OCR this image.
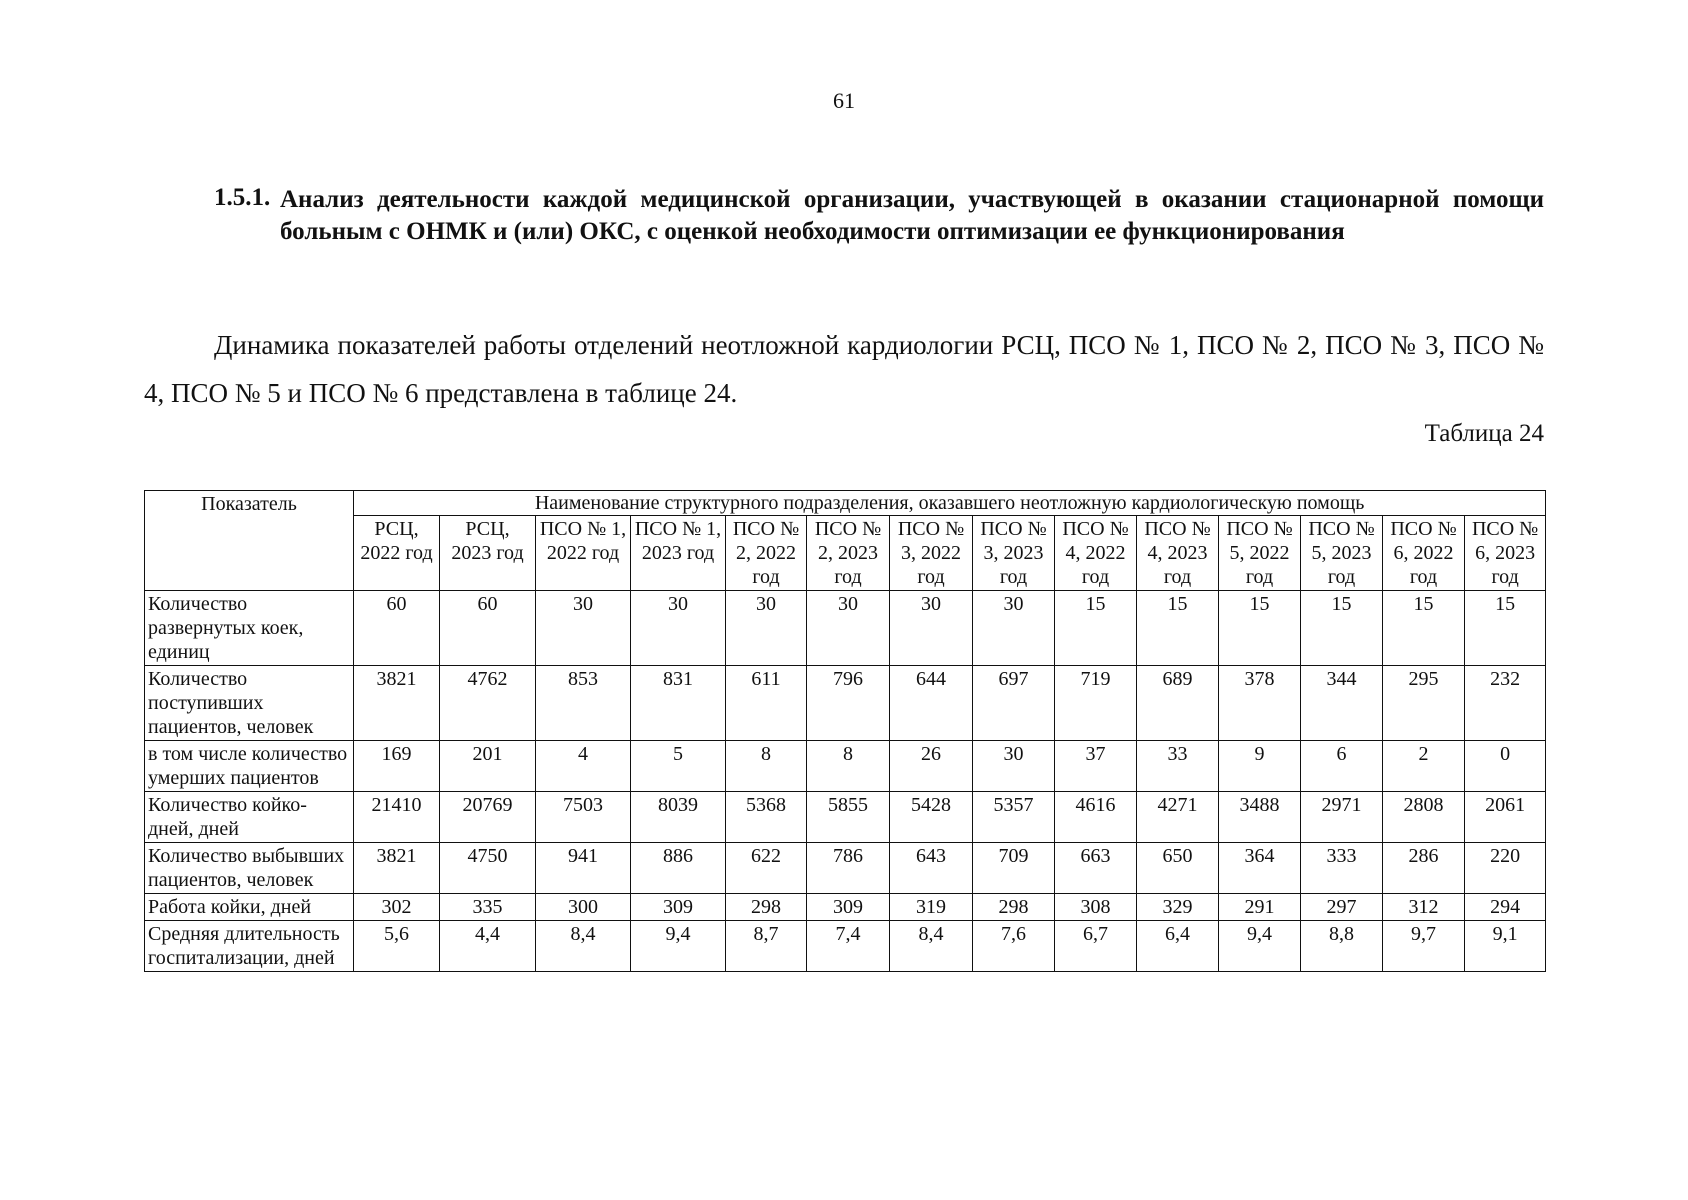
61
1.5.1. Анализ деятельности каждой медицинской организации, участвующей в оказании стационарной помощи больным с ОНМК и (или) ОКС, с оценкой необходимости оптимизации ее функционирования
Динамика показателей работы отделений неотложной кардиологии РСЦ, ПСО № 1, ПСО № 2, ПСО № 3, ПСО № 4, ПСО № 5 и ПСО № 6 представлена в таблице 24.
Таблица 24
Показатель	Наименование структурного подразделения, оказавшего неотложную кардиологическую помощь													
	РСЦ, 2022 год	РСЦ, 2023 год	ПСО № 1, 2022 год	ПСО № 1, 2023 год	ПСО № 2, 2022 год	ПСО № 2, 2023 год	ПСО № 3, 2022 год	ПСО № 3, 2023 год	ПСО № 4, 2022 год	ПСО № 4, 2023 год	ПСО № 5, 2022 год	ПСО № 5, 2023 год	ПСО № 6, 2022 год	ПСО № 6, 2023 год
Количество развернутых коек, единиц	60	60	30	30	30	30	30	30	15	15	15	15	15	15
Количество поступивших пациентов, человек	3821	4762	853	831	611	796	644	697	719	689	378	344	295	232
в том числе количество умерших пациентов	169	201	4	5	8	8	26	30	37	33	9	6	2	0
Количество койко-дней, дней	21410	20769	7503	8039	5368	5855	5428	5357	4616	4271	3488	2971	2808	2061
Количество выбывших пациентов, человек	3821	4750	941	886	622	786	643	709	663	650	364	333	286	220
Работа койки, дней	302	335	300	309	298	309	319	298	308	329	291	297	312	294
Средняя длительность госпитализации, дней	5,6	4,4	8,4	9,4	8,7	7,4	8,4	7,6	6,7	6,4	9,4	8,8	9,7	9,1
